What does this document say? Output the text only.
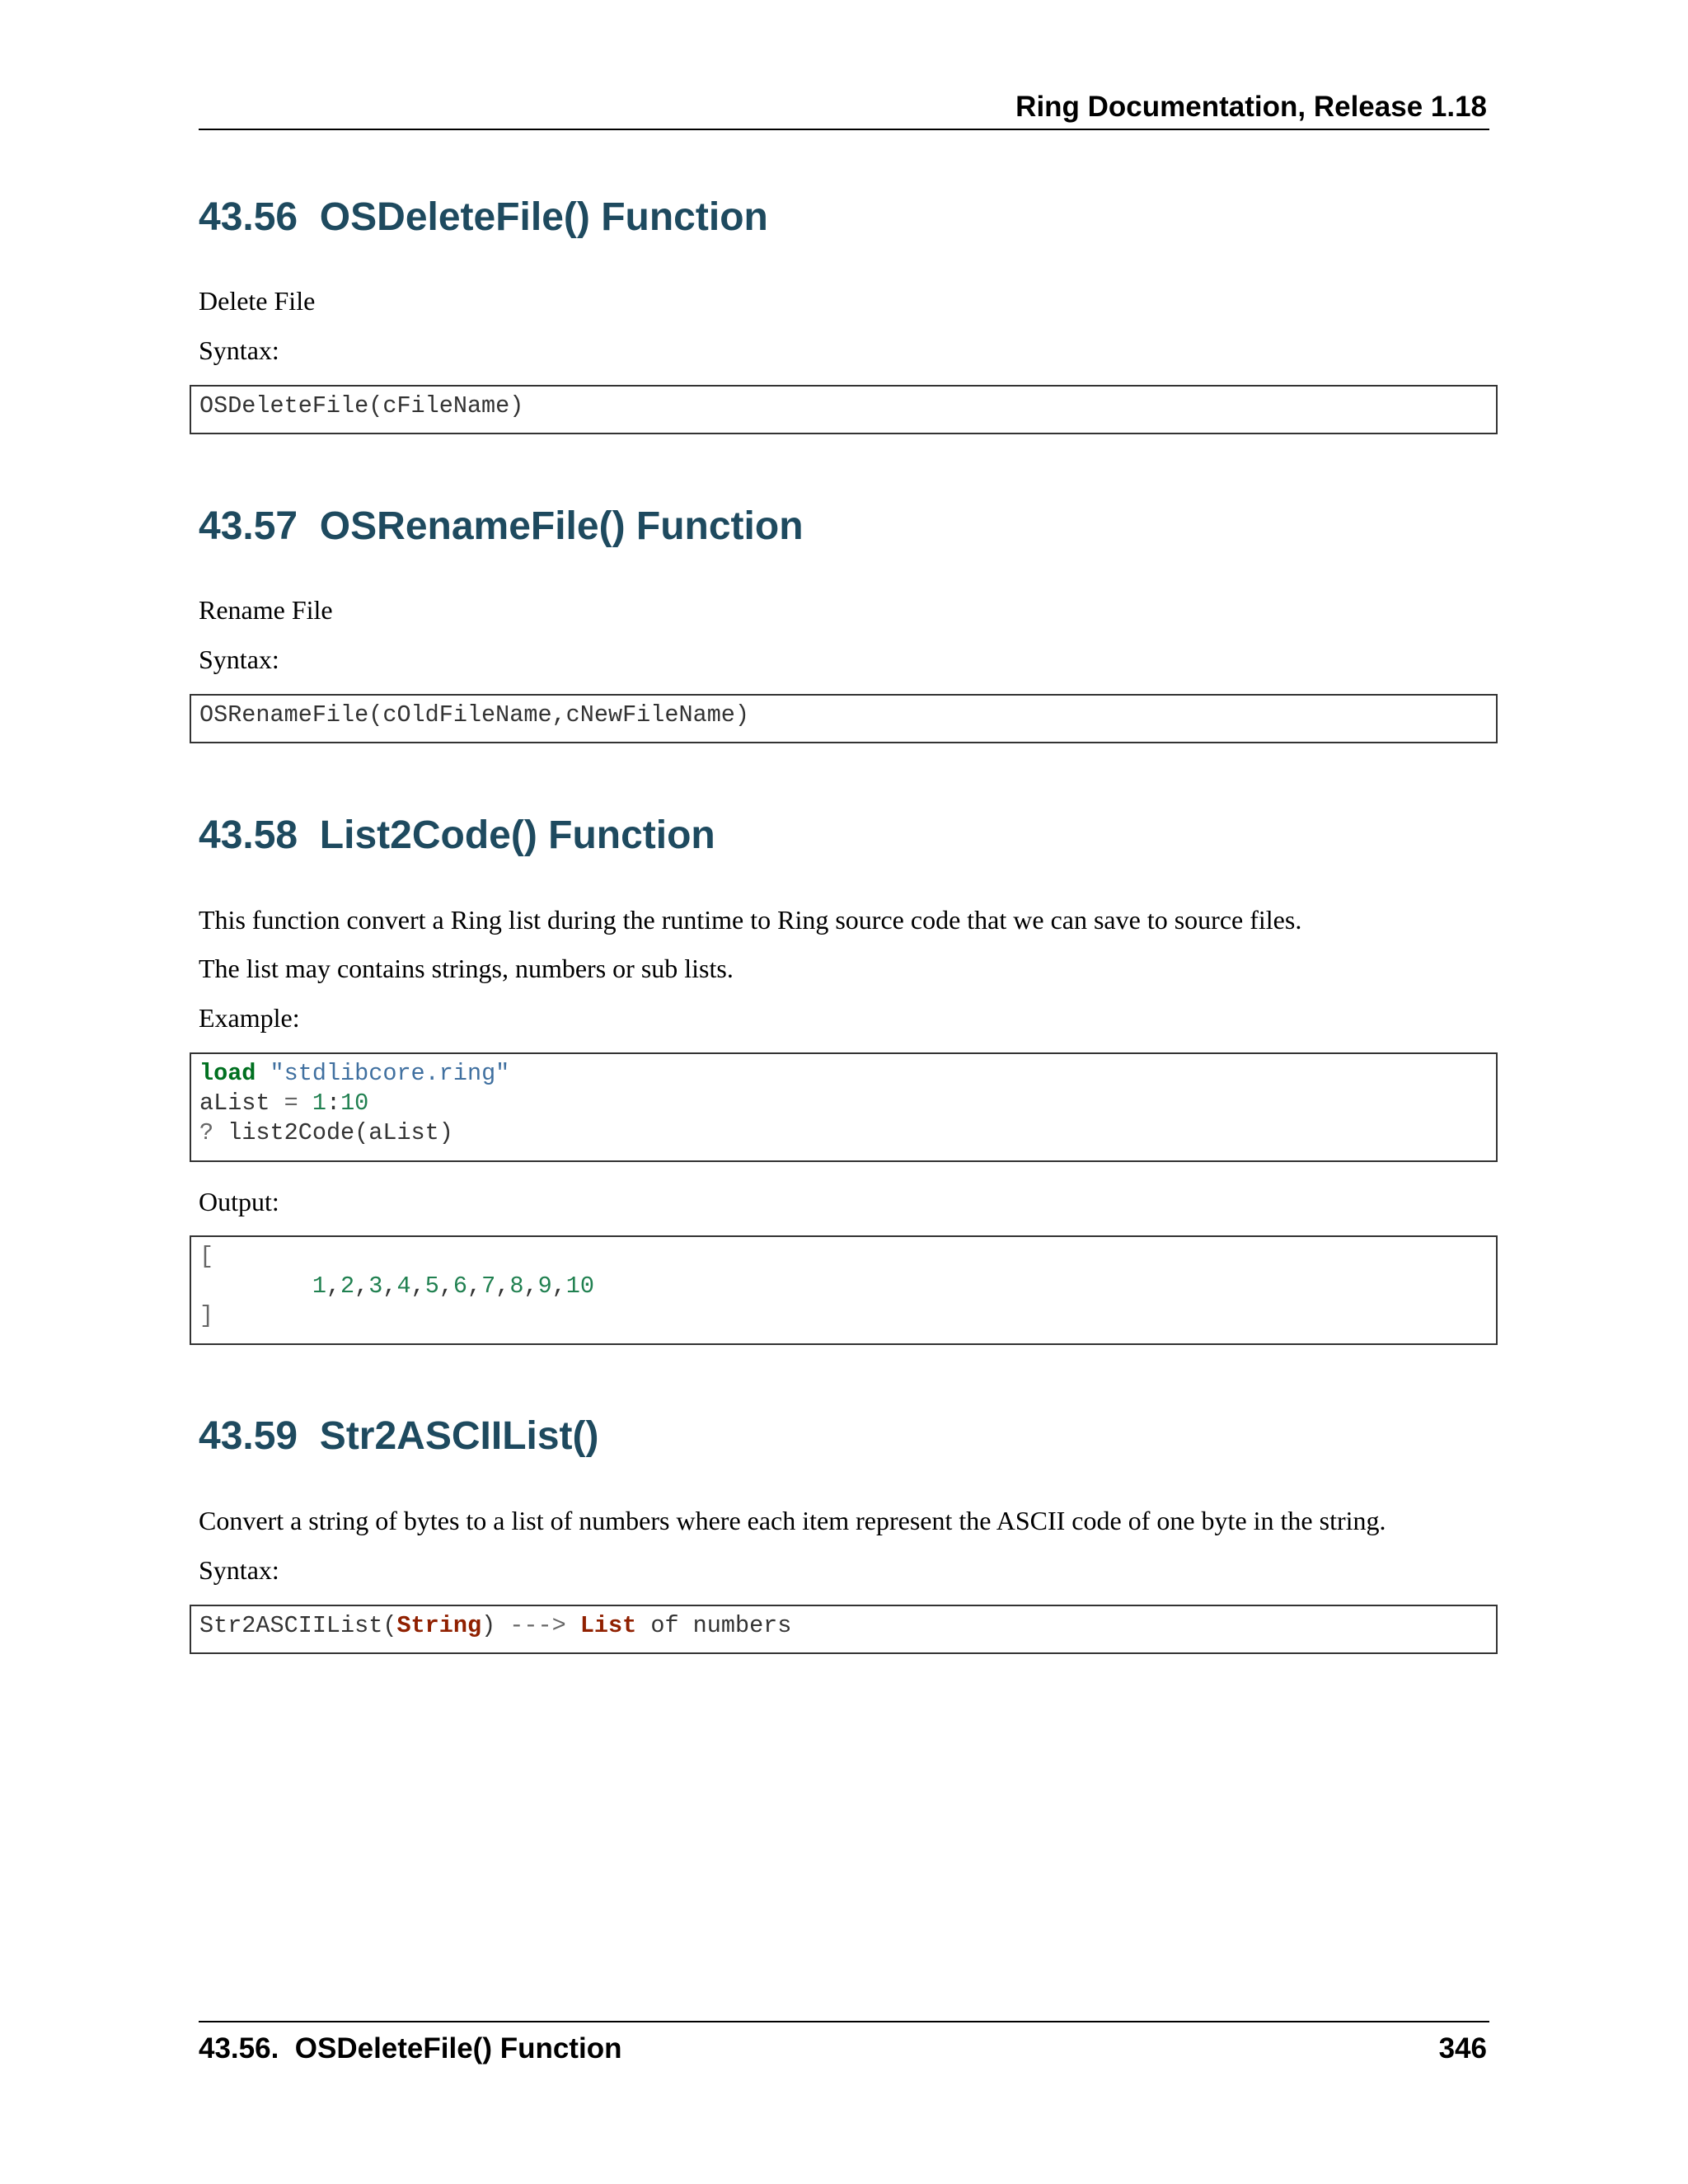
Ring Documentation, Release 1.18
43.56 OSDeleteFile() Function

Delete File

Syntax:

OSDeleteFile(cFileName)
43.57 OSRenameFile() Function

Rename File

Syntax:

OSRenameFile(cOldFileName,cNewFileName)
43.58 List2Code() Function

This function convert a Ring list during the runtime to Ring source code that we can save to source files.

The list may contains strings, numbers or sub lists.

Example:

load "stdlibcore.ring"
aList = 1:10
? list2Code(aList)

Output:

[
1,2,3,4,5,6,7,8,9,10
]
43.59 Str2ASCIIList()

Convert a string of bytes to a list of numbers where each item represent the ASCII code of one byte in the string.

Syntax:

Str2ASCIIList(String) ---> List of numbers
43.56.  OSDeleteFile() Function	346
